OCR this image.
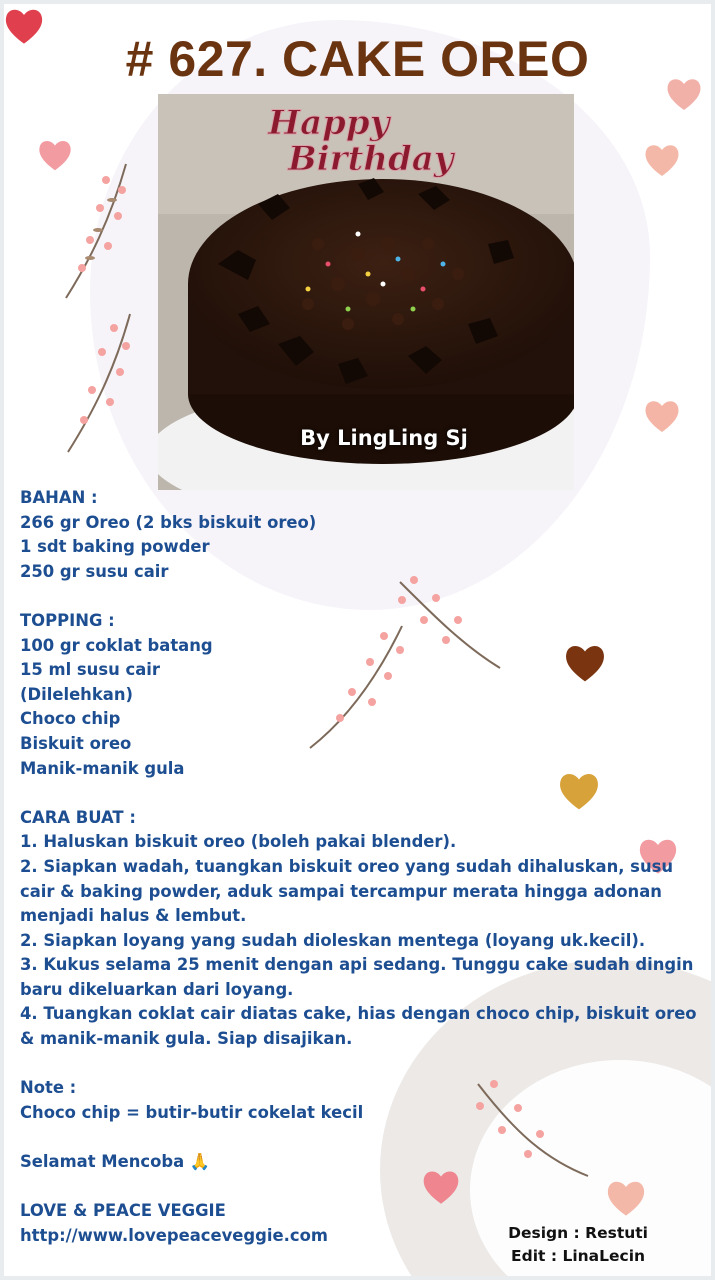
# 627. CAKE OREO
Happy
Birthday
By LingLing Sj
BAHAN :
266 gr Oreo (2 bks biskuit oreo)
1 sdt baking powder
250 gr susu cair
TOPPING :
100 gr coklat batang
15 ml susu cair
(Dilelehkan)
Choco chip
Biskuit oreo
Manik-manik gula
CARA BUAT :
1. Haluskan biskuit oreo (boleh pakai blender).
2. Siapkan wadah, tuangkan biskuit oreo yang sudah dihaluskan, susu cair & baking powder, aduk sampai tercampur merata hingga adonan menjadi halus & lembut.
2. Siapkan loyang yang sudah dioleskan mentega (loyang uk.kecil).
3. Kukus selama 25 menit dengan api sedang. Tunggu cake sudah dingin baru dikeluarkan dari loyang.
4. Tuangkan coklat cair diatas cake, hias dengan choco chip, biskuit oreo & manik-manik gula. Siap disajikan.
Note :
Choco chip = butir-butir cokelat kecil
Selamat Mencoba 🙏
LOVE & PEACE VEGGIE
http://www.lovepeaceveggie.com	Design : Restuti
Edit : LinaLecin
